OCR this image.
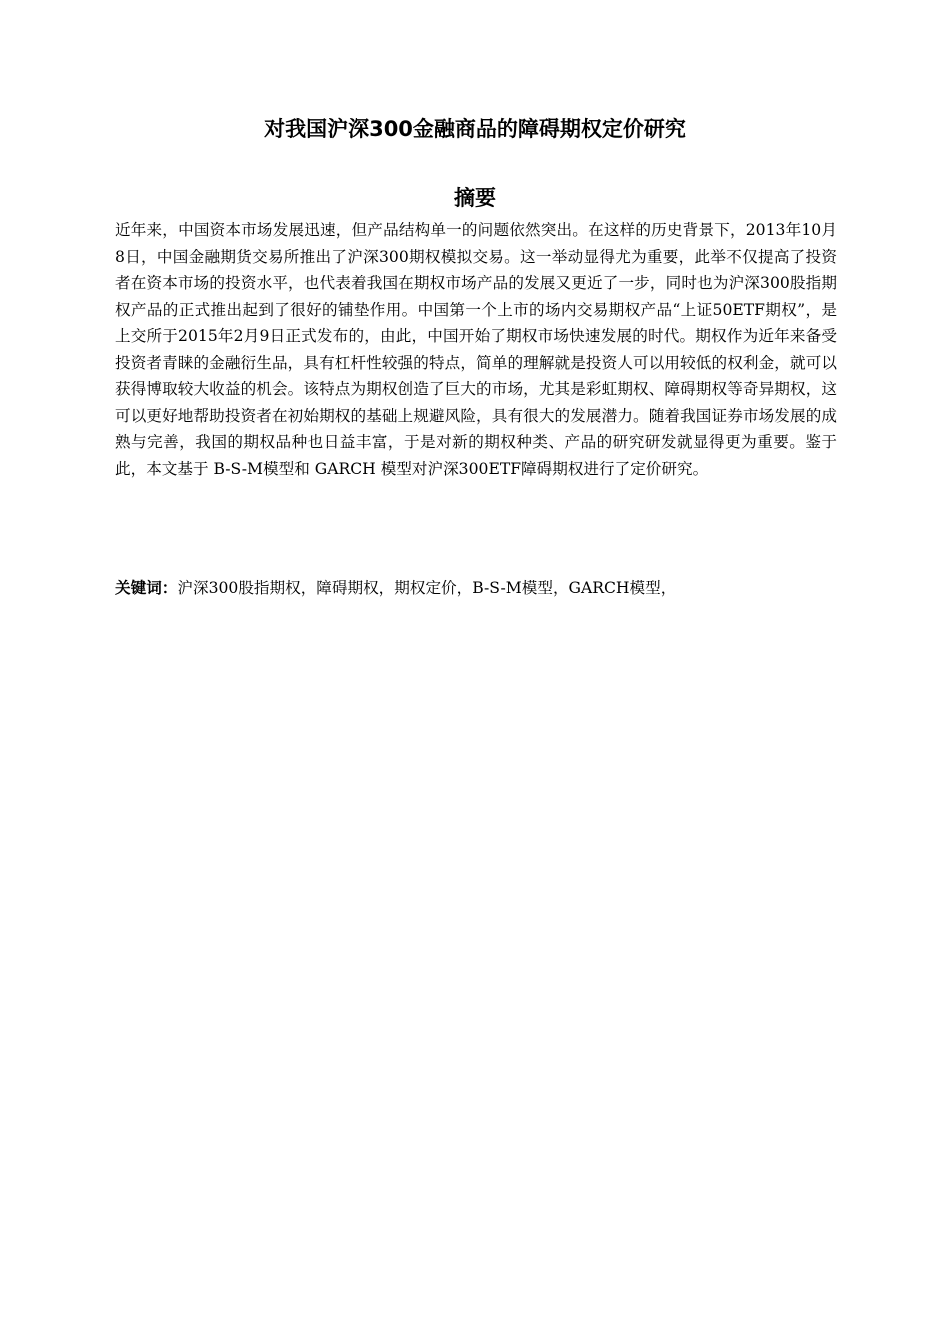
对我国沪深300金融商品的障碍期权定价研究
摘要

近年来，中国资本市场发展迅速，但产品结构单一的问题依然突出。在这样的历史背景下，2013年10月8日，中国金融期货交易所推出了沪深300期权模拟交易。这一举动显得尤为重要，此举不仅提高了投资者在资本市场的投资水平，也代表着我国在期权市场产品的发展又更近了一步，同时也为沪深300股指期权产品的正式推出起到了很好的铺垫作用。中国第一个上市的场内交易期权产品“上证50ETF期权”，是上交所于2015年2月9日正式发布的，由此，中国开始了期权市场快速发展的时代。期权作为近年来备受投资者青睐的金融衍生品，具有杠杆性较强的特点，简单的理解就是投资人可以用较低的权利金，就可以获得博取较大收益的机会。该特点为期权创造了巨大的市场，尤其是彩虹期权、障碍期权等奇异期权，这可以更好地帮助投资者在初始期权的基础上规避风险，具有很大的发展潜力。随着我国证券市场发展的成熟与完善，我国的期权品种也日益丰富，于是对新的期权种类、产品的研究研发就显得更为重要。鉴于此，本文基于 B-S-M模型和 GARCH 模型对沪深300ETF障碍期权进行了定价研究。

关键词：沪深300股指期权，障碍期权，期权定价，B-S-M模型，GARCH模型，
